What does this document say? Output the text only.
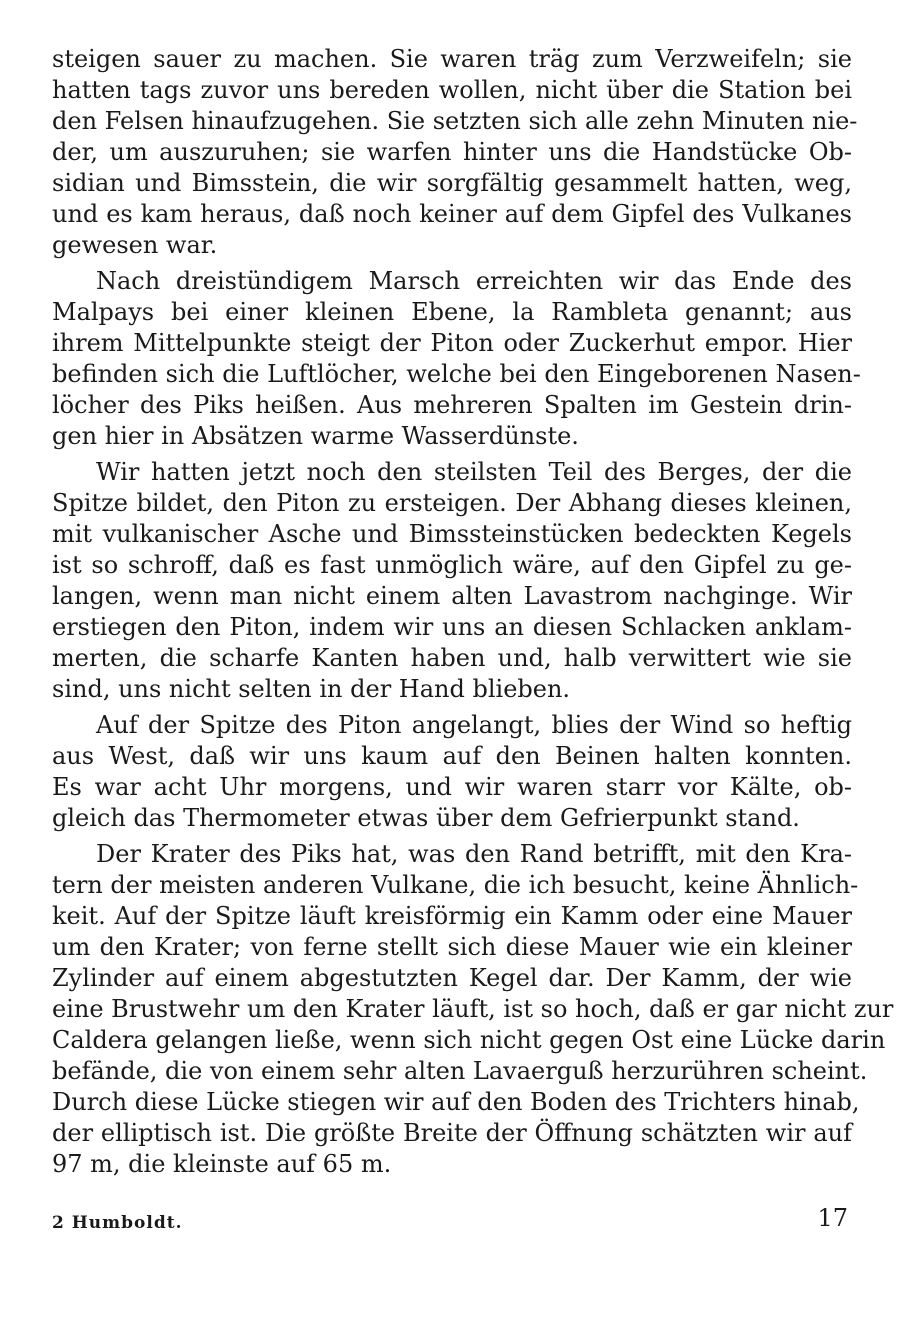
steigen sauer zu machen. Sie waren träg zum Verzweifeln; sie
hatten tags zuvor uns bereden wollen, nicht über die Station bei
den Felsen hinaufzugehen. Sie setzten sich alle zehn Minuten nie-
der, um auszuruhen; sie warfen hinter uns die Handstücke Ob-
sidian und Bimsstein, die wir sorgfältig gesammelt hatten, weg,
und es kam heraus, daß noch keiner auf dem Gipfel des Vulkanes
gewesen war.
Nach dreistündigem Marsch erreichten wir das Ende des
Malpays bei einer kleinen Ebene, la Rambleta genannt; aus
ihrem Mittelpunkte steigt der Piton oder Zuckerhut empor. Hier
befinden sich die Luftlöcher, welche bei den Eingeborenen Nasen-
löcher des Piks heißen. Aus mehreren Spalten im Gestein drin-
gen hier in Absätzen warme Wasserdünste.
Wir hatten jetzt noch den steilsten Teil des Berges, der die
Spitze bildet, den Piton zu ersteigen. Der Abhang dieses kleinen,
mit vulkanischer Asche und Bimssteinstücken bedeckten Kegels
ist so schroff, daß es fast unmöglich wäre, auf den Gipfel zu ge-
langen, wenn man nicht einem alten Lavastrom nachginge. Wir
erstiegen den Piton, indem wir uns an diesen Schlacken anklam-
merten, die scharfe Kanten haben und, halb verwittert wie sie
sind, uns nicht selten in der Hand blieben.
Auf der Spitze des Piton angelangt, blies der Wind so heftig
aus West, daß wir uns kaum auf den Beinen halten konnten.
Es war acht Uhr morgens, und wir waren starr vor Kälte, ob-
gleich das Thermometer etwas über dem Gefrierpunkt stand.
Der Krater des Piks hat, was den Rand betrifft, mit den Kra-
tern der meisten anderen Vulkane, die ich besucht, keine Ähnlich-
keit. Auf der Spitze läuft kreisförmig ein Kamm oder eine Mauer
um den Krater; von ferne stellt sich diese Mauer wie ein kleiner
Zylinder auf einem abgestutzten Kegel dar. Der Kamm, der wie
eine Brustwehr um den Krater läuft, ist so hoch, daß er gar nicht zur
Caldera gelangen ließe, wenn sich nicht gegen Ost eine Lücke darin
befände, die von einem sehr alten Lavaerguß herzurühren scheint.
Durch diese Lücke stiegen wir auf den Boden des Trichters hinab,
der elliptisch ist. Die größte Breite der Öffnung schätzten wir auf
97 m, die kleinste auf 65 m.
2 Humboldt.	17
